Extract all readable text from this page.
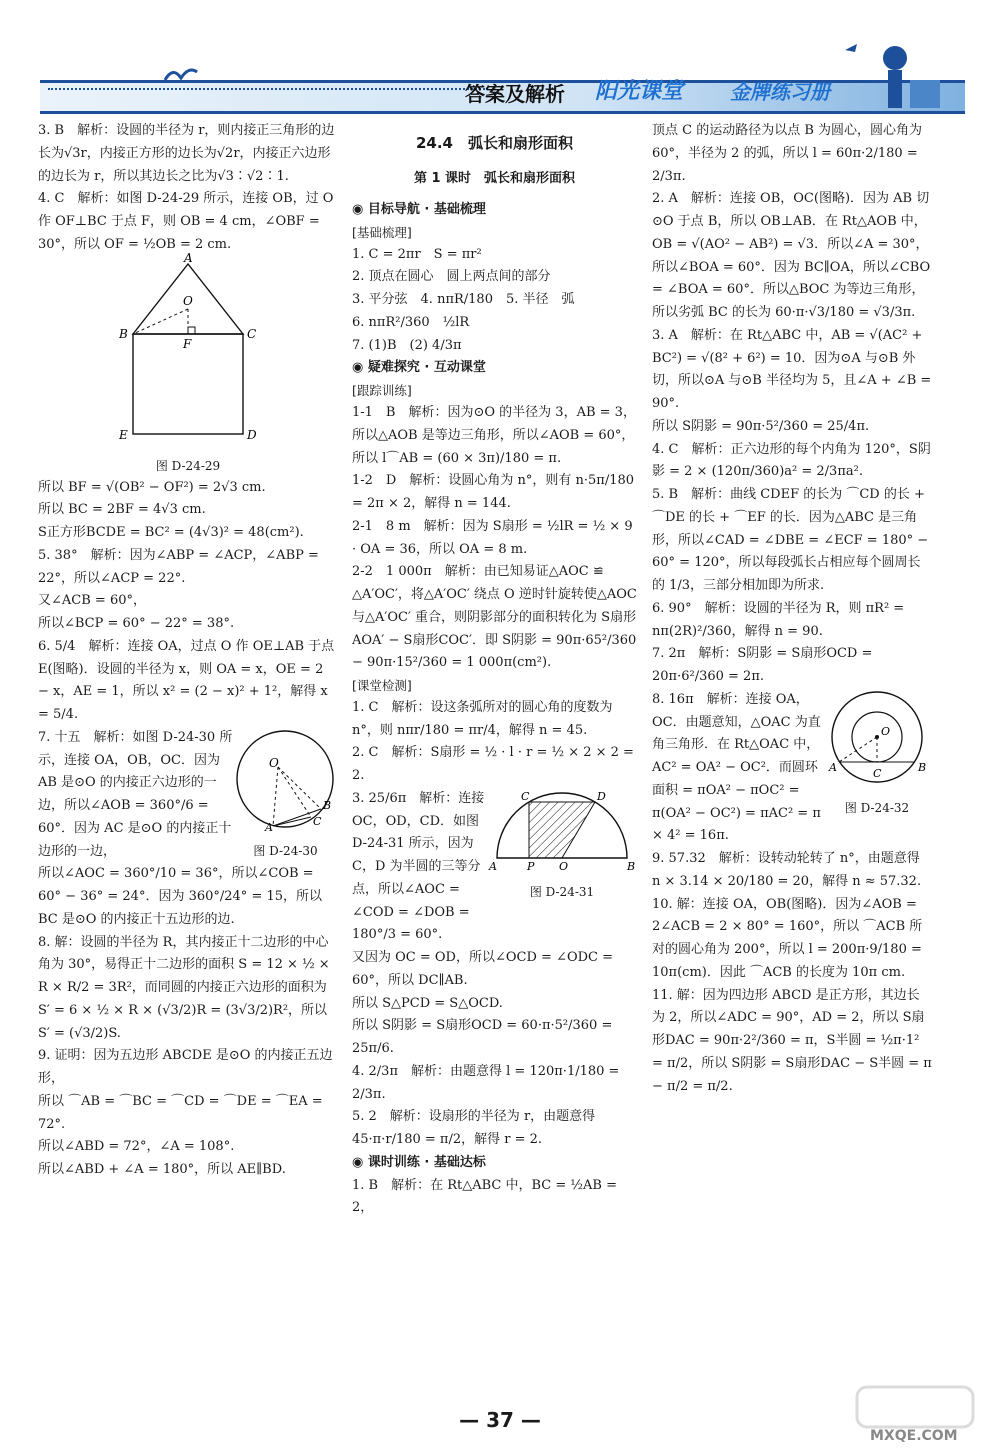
答案及解析 阳光课堂 金牌练习册

3. B　解析：设圆的半径为 r，则内接正三角形的边长为√3r，内接正方形的边长为√2r，内接正六边形的边长为 r，所以其边长之比为√3∶√2∶1.

4. C　解析：如图 D-24-29 所示，连接 OB，过 O 作 OF⊥BC 于点 F，则 OB = 4 cm，∠OBF = 30°，所以 OF = ½OB = 2 cm.

A
O
B	C
F
E	D

图 D-24-29

所以 BF = √(OB² − OF²) = 2√3 cm.

所以 BC = 2BF = 4√3 cm.

S正方形BCDE = BC² = (4√3)² = 48(cm²).

5. 38°　解析：因为∠ABP = ∠ACP，∠ABP = 22°，所以∠ACP = 22°.

又∠ACB = 60°，

所以∠BCP = 60° − 22° = 38°.

6. 5/4　解析：连接 OA，过点 O 作 OE⊥AB 于点 E(图略)．设圆的半径为 x，则 OA = x，OE = 2 − x，AE = 1，所以 x² = (2 − x)² + 1²，解得 x = 5/4.

7. 十五　解析：如图 D-24-30 所示，连接 OA，OB，OC．因为 AB 是⊙O 的内接正六边形的一边，所以∠AOB = 360°/6 = 60°．因为 AC 是⊙O 的内接正十边形的一边，

O
A
B
C

图 D-24-30

所以∠AOC = 360°/10 = 36°，所以∠COB = 60° − 36° = 24°．因为 360°/24° = 15，所以 BC 是⊙O 的内接正十五边形的边.

8. 解：设圆的半径为 R，其内接正十二边形的中心角为 30°，易得正十二边形的面积 S = 12 × ½ × R × R/2 = 3R²，而同圆的内接正六边形的面积为 S′ = 6 × ½ × R × (√3/2)R = (3√3/2)R²，所以 S′ = (√3/2)S.

9. 证明：因为五边形 ABCDE 是⊙O 的内接正五边形，

所以 ⌒AB = ⌒BC = ⌒CD = ⌒DE = ⌒EA = 72°.

所以∠ABD = 72°，∠A = 108°.

所以∠ABD + ∠A = 180°，所以 AE∥BD.

24.4　弧长和扇形面积

第 1 课时　弧长和扇形面积

◉ 目标导航 · 基础梳理

[基础梳理]

1. C = 2πr　S = πr²

2. 顶点在圆心　圆上两点间的部分

3. 平分弦　4. nπR/180　5. 半径　弧

6. nπR²/360　½lR

7. (1)B　(2) 4/3π

◉ 疑难探究 · 互动课堂

[跟踪训练]

1-1　B　解析：因为⊙O 的半径为 3，AB = 3，所以△AOB 是等边三角形，所以∠AOB = 60°，所以 l⌒AB = (60 × 3π)/180 = π.

1-2　D　解析：设圆心角为 n°，则有 n·5π/180 = 2π × 2，解得 n = 144.

2-1　8 m　解析：因为 S扇形 = ½lR = ½ × 9 · OA = 36，所以 OA = 8 m.

2-2　1 000π　解析：由已知易证△AOC ≌ △A′OC′，将△A′OC′ 绕点 O 逆时针旋转使△AOC 与△A′OC′ 重合，则阴影部分的面积转化为 S扇形AOA′ − S扇形COC′．即 S阴影 = 90π·65²/360 − 90π·15²/360 = 1 000π(cm²).

[课堂检测]

1. C　解析：设这条弧所对的圆心角的度数为 n°，则 nπr/180 = πr/4，解得 n = 45.

2. C　解析：S扇形 = ½ · l · r = ½ × 2 × 2 = 2.

3. 25/6π　解析：连接 OC，OD，CD．如图 D-24-31 所示，因为 C，D 为半圆的三等分点，所以∠AOC = ∠COD = ∠DOB = 180°/3 = 60°.

A	P O	B
C	D

图 D-24-31

又因为 OC = OD，所以∠OCD = ∠ODC = 60°，所以 DC∥AB.

所以 S△PCD = S△OCD.

所以 S阴影 = S扇形OCD = 60·π·5²/360 = 25π/6.

4. 2/3π　解析：由题意得 l = 120π·1/180 = 2/3π.

5. 2　解析：设扇形的半径为 r，由题意得 45·π·r/180 = π/2，解得 r = 2.

◉ 课时训练 · 基础达标

1. B　解析：在 Rt△ABC 中，BC = ½AB = 2，

顶点 C 的运动路径为以点 B 为圆心，圆心角为 60°，半径为 2 的弧，所以 l = 60π·2/180 = 2/3π.

2. A　解析：连接 OB，OC(图略)．因为 AB 切⊙O 于点 B，所以 OB⊥AB．在 Rt△AOB 中，OB = √(AO² − AB²) = √3．所以∠A = 30°，所以∠BOA = 60°．因为 BC∥OA，所以∠CBO = ∠BOA = 60°．所以△BOC 为等边三角形，所以劣弧 BC 的长为 60·π·√3/180 = √3/3π.

3. A　解析：在 Rt△ABC 中，AB = √(AC² + BC²) = √(8² + 6²) = 10．因为⊙A 与⊙B 外切，所以⊙A 与⊙B 半径均为 5，且∠A + ∠B = 90°.

所以 S阴影 = 90π·5²/360 = 25/4π.

4. C　解析：正六边形的每个内角为 120°，S阴影 = 2 × (120π/360)a² = 2/3πa².

5. B　解析：曲线 CDEF 的长为 ⌒CD 的长 + ⌒DE 的长 + ⌒EF 的长．因为△ABC 是三角形，所以∠CAD = ∠DBE = ∠ECF = 180° − 60° = 120°，所以每段弧长占相应每个圆周长的 1/3，三部分相加即为所求.

6. 90°　解析：设圆的半径为 R，则 πR² = nπ(2R)²/360，解得 n = 90.

7. 2π　解析：S阴影 = S扇形OCD = 20π·6²/360 = 2π.

8. 16π　解析：连接 OA，OC．由题意知，△OAC 为直角三角形．在 Rt△OAC 中，AC² = OA² − OC²．而圆环面积 = πOA² − πOC² = π(OA² − OC²) = πAC² = π × 4² = 16π.

O
A	C	B

图 D-24-32

9. 57.32　解析：设转动轮转了 n°，由题意得 n × 3.14 × 20/180 = 20，解得 n ≈ 57.32.

10. 解：连接 OA，OB(图略)．因为∠AOB = 2∠ACB = 2 × 80° = 160°，所以 ⌒ACB 所对的圆心角为 200°，所以 l = 200π·9/180 = 10π(cm)．因此 ⌒ACB 的长度为 10π cm.

11. 解：因为四边形 ABCD 是正方形，其边长为 2，所以∠ADC = 90°，AD = 2，所以 S扇形DAC = 90π·2²/360 = π，S半圆 = ½π·1² = π/2，所以 S阴影 = S扇形DAC − S半圆 = π − π/2 = π/2.

— 37 —
MXQE.COM
